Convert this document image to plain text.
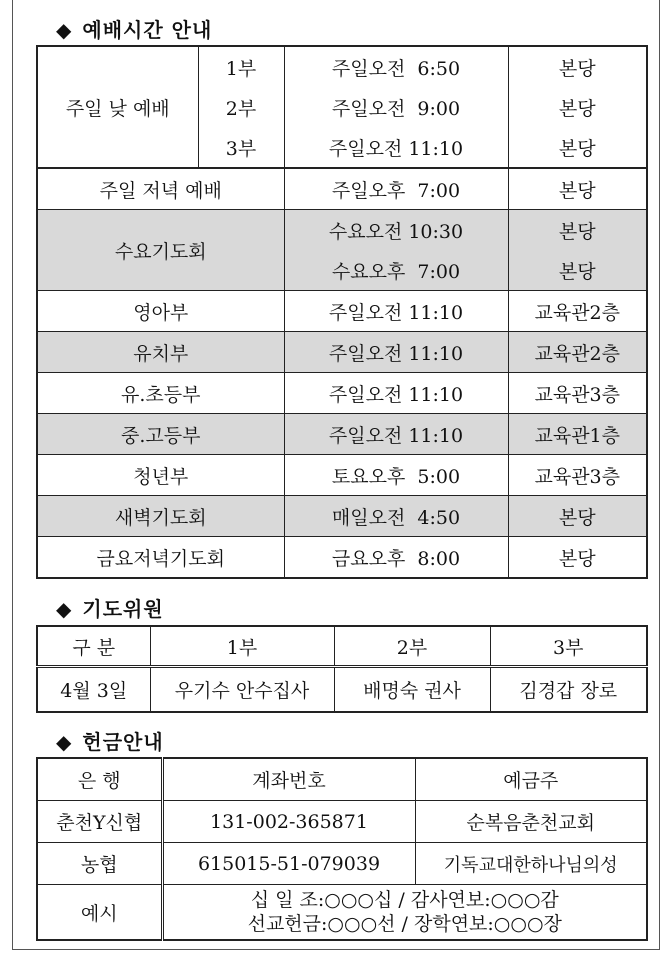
◆ 예배시간 안내
주일 낮 예배	1부	주일오전  6:50	본당
	2부	주일오전  9:00	본당
	3부	주일오전 11:10	본당
주일 저녁 예배		주일오후  7:00	본당
수요기도회		수요오전 10:30	본당
		수요오후  7:00	본당
영아부		주일오전 11:10	교육관2층
유치부		주일오전 11:10	교육관2층
유.초등부		주일오전 11:10	교육관3층
중.고등부		주일오전 11:10	교육관1층
청년부		토요오후  5:00	교육관3층
새벽기도회		매일오전  4:50	본당
금요저녁기도회		금요오후  8:00	본당
◆ 기도위원
구 분	1부	2부	3부
4월 3일	우기수 안수집사	배명숙 권사	김경갑 장로
◆ 헌금안내
은 행	계좌번호	예금주
춘천Y신협	131-002-365871	순복음춘천교회
농협	615015-51-079039	기독교대한하나님의성
예시	십 일 조:○○○십 / 감사연보:○○○감
선교헌금:○○○선 / 장학연보:○○○장	
